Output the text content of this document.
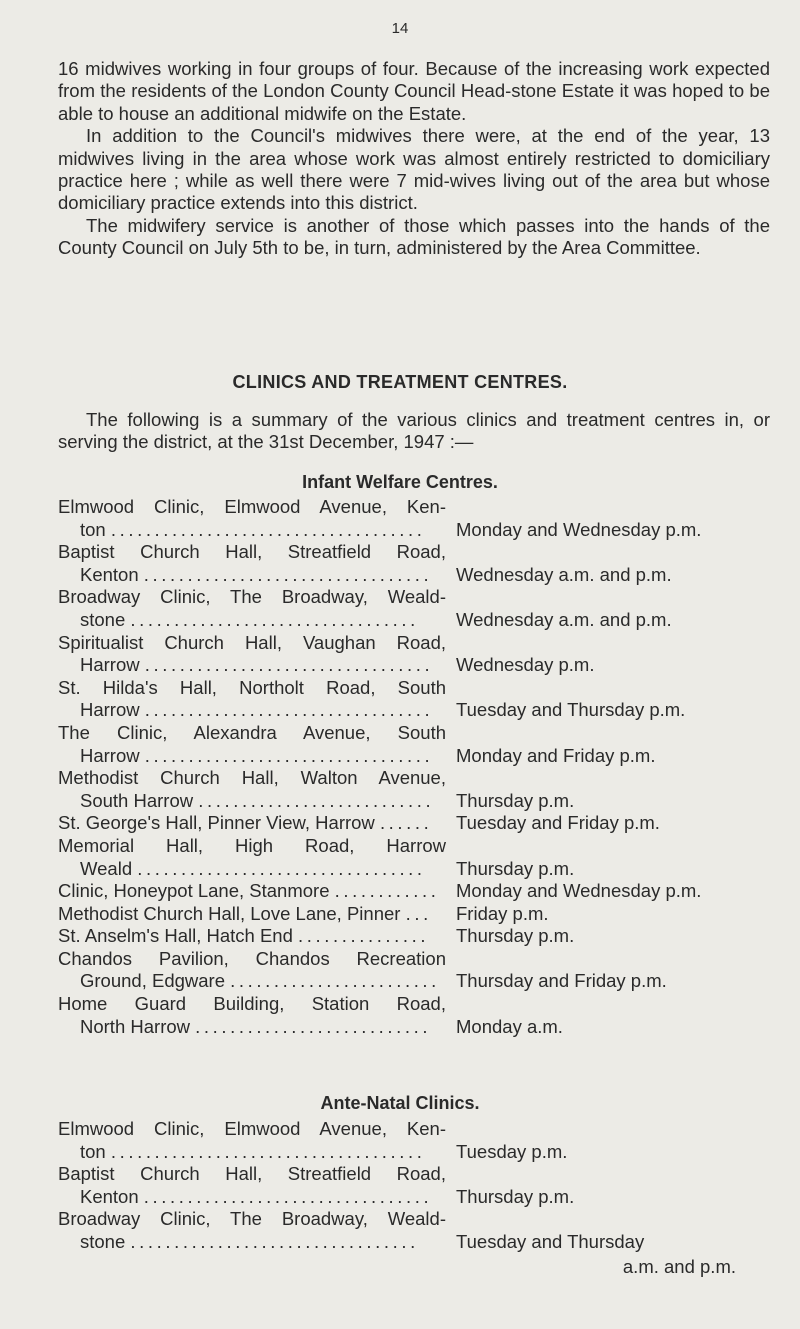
14

16 midwives working in four groups of four. Because of the increasing work expected from the residents of the London County Council Head-stone Estate it was hoped to be able to house an additional midwife on the Estate.

In addition to the Council's midwives there were, at the end of the year, 13 midwives living in the area whose work was almost entirely restricted to domiciliary practice here ; while as well there were 7 mid-wives living out of the area but whose domiciliary practice extends into this district.

The midwifery service is another of those which passes into the hands of the County Council on July 5th to be, in turn, administered by the Area Committee.

CLINICS AND TREATMENT CENTRES.

The following is a summary of the various clinics and treatment centres in, or serving the district, at the 31st December, 1947 :—

Infant Welfare Centres.
Elmwood Clinic, Elmwood Avenue, Ken-
ton ....................................	Monday and Wednesday p.m.
Baptist Church Hall, Streatfield Road,
Kenton .................................	Wednesday a.m. and p.m.
Broadway Clinic, The Broadway, Weald-
stone .................................	Wednesday a.m. and p.m.
Spiritualist Church Hall, Vaughan Road,
Harrow .................................	Wednesday p.m.
St. Hilda's Hall, Northolt Road, South
Harrow .................................	Tuesday and Thursday p.m.
The Clinic, Alexandra Avenue, South
Harrow .................................	Monday and Friday p.m.
Methodist Church Hall, Walton Avenue,
South Harrow ...........................	Thursday p.m.
St. George's Hall, Pinner View, Harrow ......	Tuesday and Friday p.m.
Memorial Hall, High Road, Harrow
Weald .................................	Thursday p.m.
Clinic, Honeypot Lane, Stanmore ............ Monday and Wednesday p.m.
Methodist Church Hall, Love Lane, Pinner ...	Friday p.m.
St. Anselm's Hall, Hatch End ...............	Thursday p.m.
Chandos Pavilion, Chandos Recreation
Ground, Edgware ........................ Thursday and Friday p.m.
Home Guard Building, Station Road,
North Harrow ...........................	Monday a.m.
Ante-Natal Clinics.
Elmwood Clinic, Elmwood Avenue, Ken-
ton ....................................	Tuesday p.m.
Baptist Church Hall, Streatfield Road,
Kenton .................................	Thursday p.m.
Broadway Clinic, The Broadway, Weald-
stone .................................	Tuesday and Thursday
a.m. and p.m.
